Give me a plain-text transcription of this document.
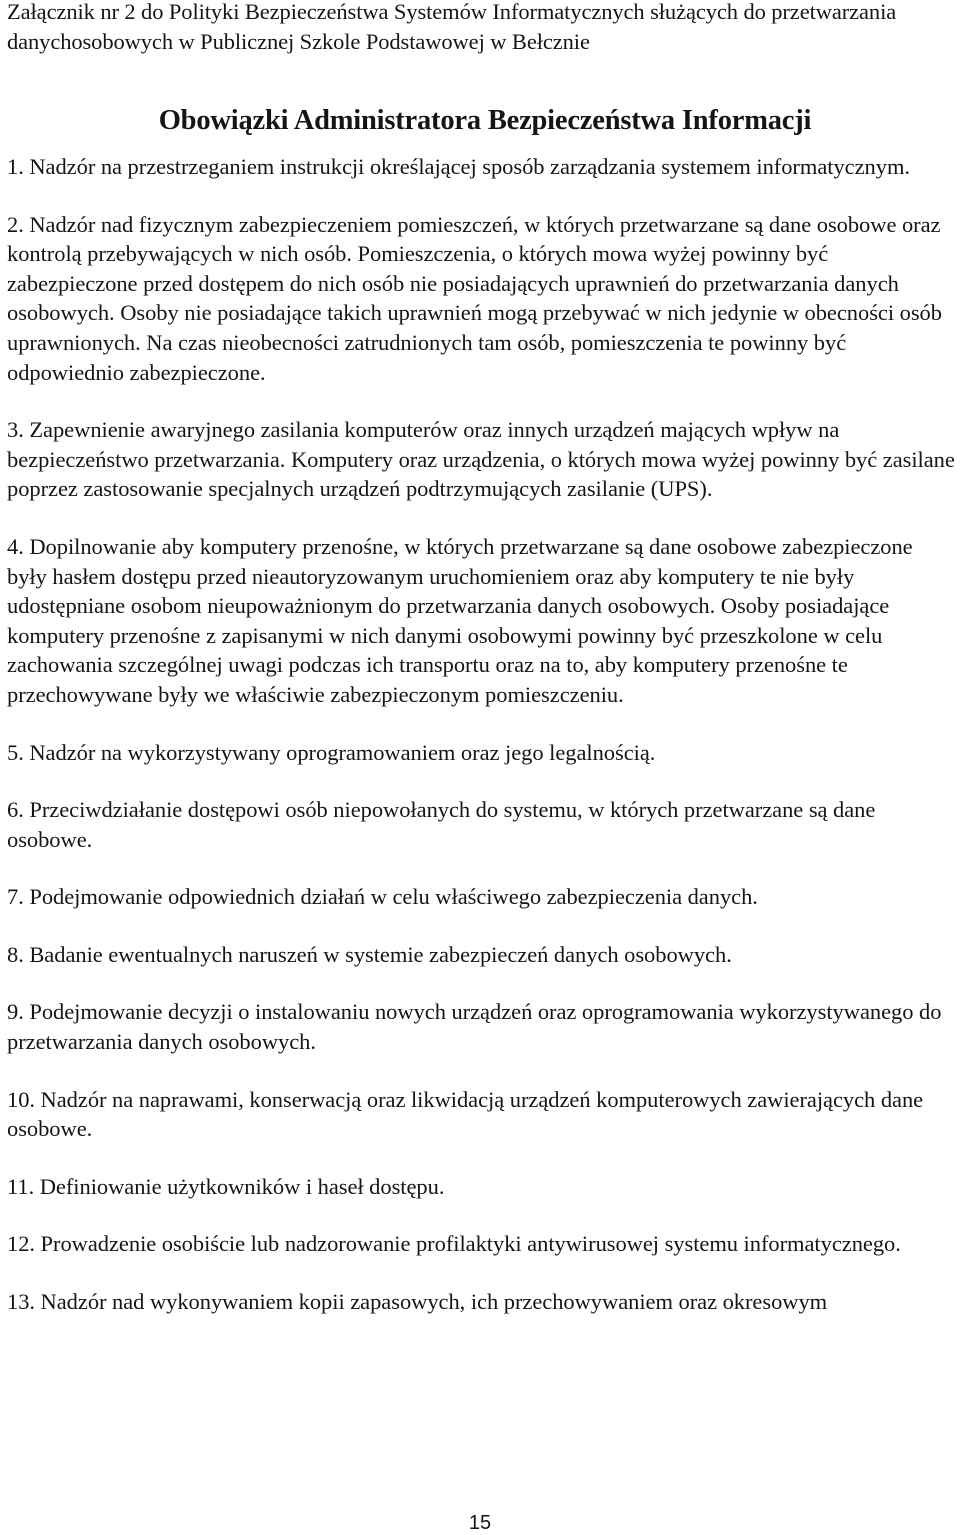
Załącznik nr 2 do Polityki Bezpieczeństwa Systemów Informatycznych służących do przetwarzania danychosobowych w Publicznej Szkole Podstawowej w Bełcznie
Obowiązki Administratora Bezpieczeństwa Informacji
1. Nadzór na przestrzeganiem instrukcji określającej sposób zarządzania systemem informatycznym.
2. Nadzór nad fizycznym zabezpieczeniem pomieszczeń, w których przetwarzane są dane osobowe oraz kontrolą przebywających w nich osób. Pomieszczenia, o których mowa wyżej powinny być zabezpieczone przed dostępem do nich osób nie posiadających uprawnień do przetwarzania danych osobowych. Osoby nie posiadające takich uprawnień mogą przebywać w nich jedynie w obecności osób uprawnionych. Na czas nieobecności zatrudnionych tam osób, pomieszczenia te powinny być odpowiednio zabezpieczone.
3. Zapewnienie awaryjnego zasilania komputerów oraz innych urządzeń mających wpływ na bezpieczeństwo przetwarzania. Komputery oraz urządzenia, o których mowa wyżej powinny być zasilane poprzez zastosowanie specjalnych urządzeń podtrzymujących zasilanie (UPS).
4. Dopilnowanie aby komputery przenośne, w których przetwarzane są dane osobowe zabezpieczone były hasłem dostępu przed nieautoryzowanym uruchomieniem oraz aby komputery te nie były udostępniane osobom nieupoważnionym do przetwarzania danych osobowych. Osoby posiadające komputery przenośne z zapisanymi w nich danymi osobowymi powinny być przeszkolone w celu zachowania szczególnej uwagi podczas ich transportu oraz na to, aby komputery przenośne te przechowywane były we właściwie zabezpieczonym pomieszczeniu.
5. Nadzór na wykorzystywany oprogramowaniem oraz jego legalnością.
6. Przeciwdziałanie dostępowi osób niepowołanych do systemu, w których przetwarzane są dane osobowe.
7. Podejmowanie odpowiednich działań w celu właściwego zabezpieczenia danych.
8. Badanie ewentualnych naruszeń w systemie zabezpieczeń danych osobowych.
9. Podejmowanie decyzji o instalowaniu nowych urządzeń oraz oprogramowania wykorzystywanego do przetwarzania danych osobowych.
10. Nadzór na naprawami, konserwacją oraz likwidacją urządzeń komputerowych zawierających dane osobowe.
11. Definiowanie użytkowników i haseł dostępu.
12. Prowadzenie osobiście lub nadzorowanie profilaktyki antywirusowej systemu informatycznego.
13. Nadzór nad wykonywaniem kopii zapasowych, ich przechowywaniem oraz okresowym
15
